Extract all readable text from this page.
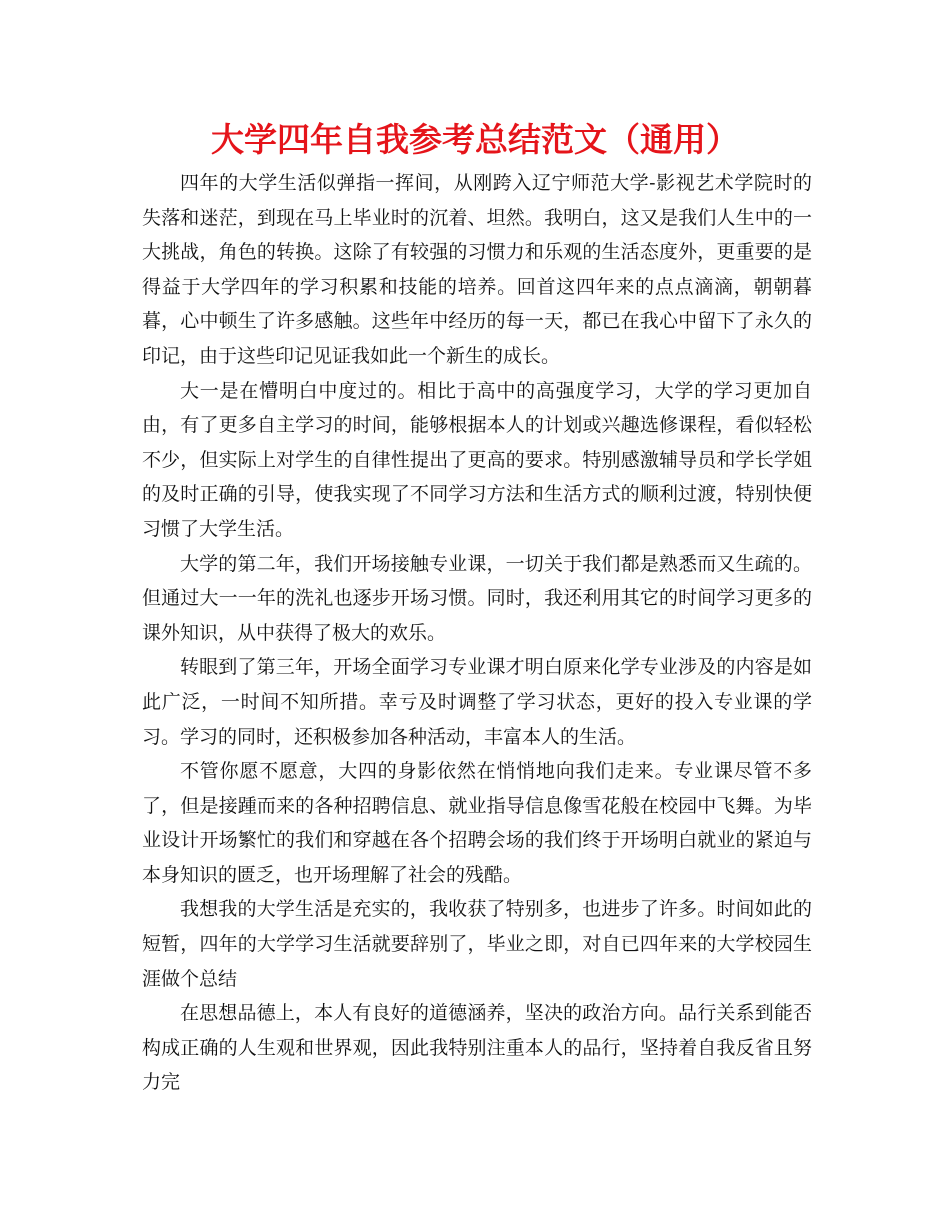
大学四年自我参考总结范文（通用）

四年的大学生活似弹指一挥间，从刚跨入辽宁师范大学-影视艺术学院时的失落和迷茫，到现在马上毕业时的沉着、坦然。我明白，这又是我们人生中的一大挑战，角色的转换。这除了有较强的习惯力和乐观的生活态度外，更重要的是得益于大学四年的学习积累和技能的培养。回首这四年来的点点滴滴，朝朝暮暮，心中顿生了许多感触。这些年中经历的每一天，都已在我心中留下了永久的印记，由于这些印记见证我如此一个新生的成长。

大一是在懵明白中度过的。相比于高中的高强度学习，大学的学习更加自由，有了更多自主学习的时间，能够根据本人的计划或兴趣选修课程，看似轻松不少，但实际上对学生的自律性提出了更高的要求。特别感激辅导员和学长学姐的及时正确的引导，使我实现了不同学习方法和生活方式的顺利过渡，特别快便习惯了大学生活。

大学的第二年，我们开场接触专业课，一切关于我们都是熟悉而又生疏的。但通过大一一年的洗礼也逐步开场习惯。同时，我还利用其它的时间学习更多的课外知识，从中获得了极大的欢乐。

转眼到了第三年，开场全面学习专业课才明白原来化学专业涉及的内容是如此广泛，一时间不知所措。幸亏及时调整了学习状态，更好的投入专业课的学习。学习的同时，还积极参加各种活动，丰富本人的生活。

不管你愿不愿意，大四的身影依然在悄悄地向我们走来。专业课尽管不多了，但是接踵而来的各种招聘信息、就业指导信息像雪花般在校园中飞舞。为毕业设计开场繁忙的我们和穿越在各个招聘会场的我们终于开场明白就业的紧迫与本身知识的匮乏，也开场理解了社会的残酷。

我想我的大学生活是充实的，我收获了特别多，也进步了许多。时间如此的短暂，四年的大学学习生活就要辞别了，毕业之即，对自已四年来的大学校园生涯做个总结

在思想品德上，本人有良好的道德涵养，坚决的政治方向。品行关系到能否构成正确的人生观和世界观，因此我特别注重本人的品行，坚持着自我反省且努力完
